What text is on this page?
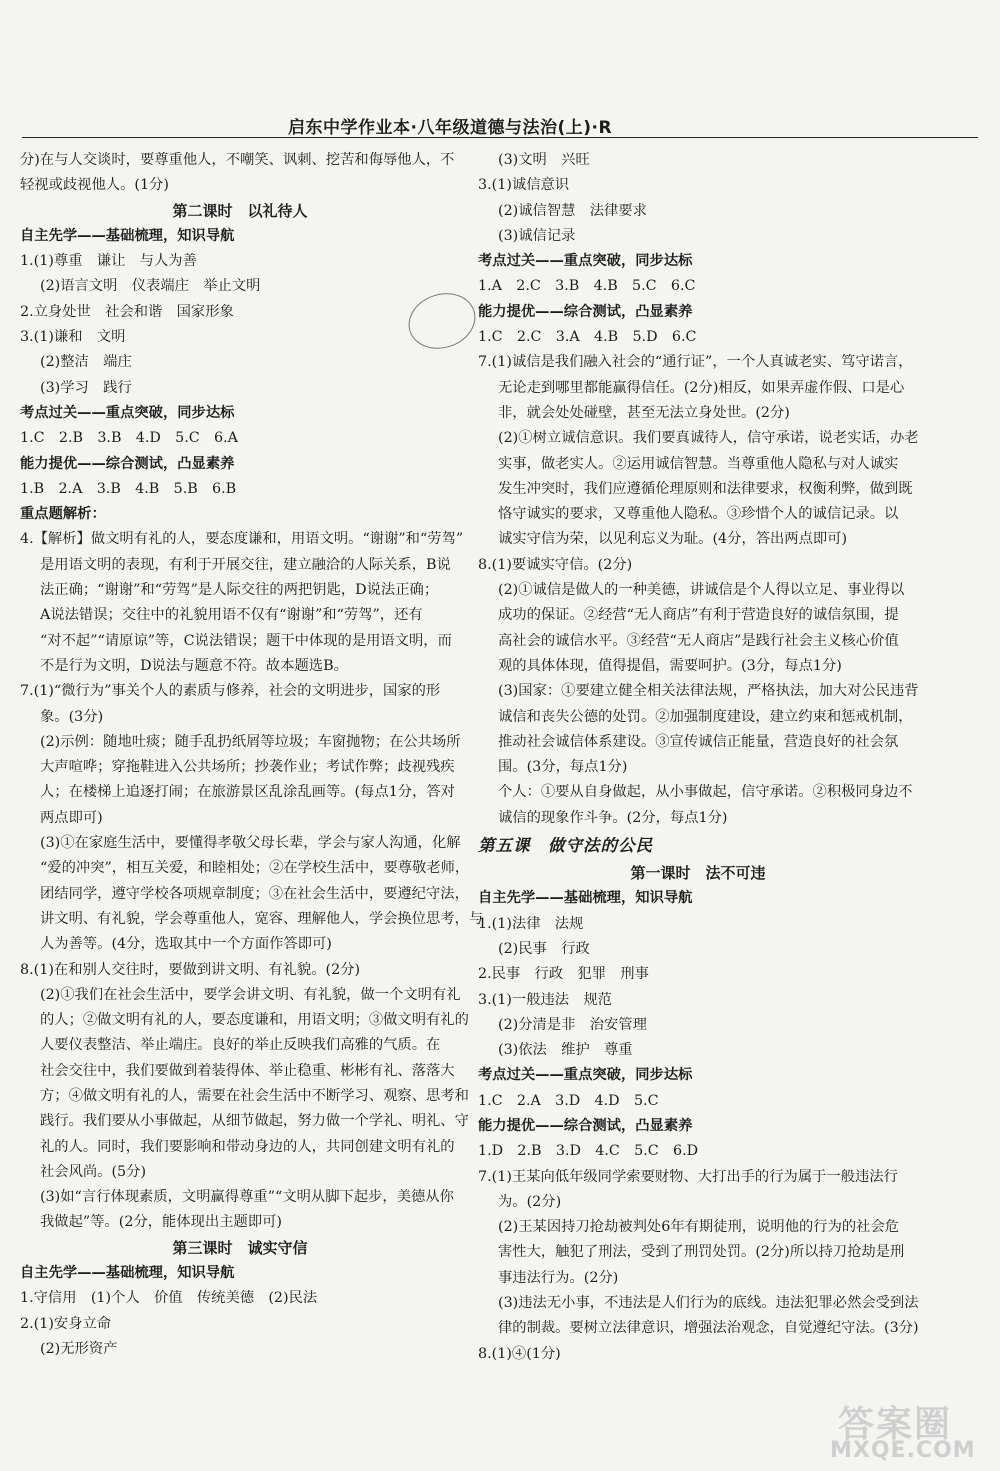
启东中学作业本·八年级道德与法治(上)·R
分)在与人交谈时，要尊重他人，不嘲笑、讽刺、挖苦和侮辱他人，不
轻视或歧视他人。(1分)
第二课时　以礼待人
自主先学——基础梳理，知识导航
1.(1)尊重　谦让　与人为善
(2)语言文明　仪表端庄　举止文明
2.立身处世　社会和谐　国家形象
3.(1)谦和　文明
(2)整洁　端庄
(3)学习　践行
考点过关——重点突破，同步达标
1.C　2.B　3.B　4.D　5.C　6.A
能力提优——综合测试，凸显素养
1.B　2.A　3.B　4.B　5.B　6.B
重点题解析：
4.【解析】做文明有礼的人，要态度谦和，用语文明。“谢谢”和“劳驾”
是用语文明的表现，有利于开展交往，建立融洽的人际关系，B说
法正确；“谢谢”和“劳驾”是人际交往的两把钥匙，D说法正确；
A说法错误；交往中的礼貌用语不仅有“谢谢”和“劳驾”，还有
“对不起”“请原谅”等，C说法错误；题干中体现的是用语文明，而
不是行为文明，D说法与题意不符。故本题选B。
7.(1)“微行为”事关个人的素质与修养，社会的文明进步，国家的形
象。(3分)
(2)示例：随地吐痰；随手乱扔纸屑等垃圾；车窗抛物；在公共场所
大声喧哗；穿拖鞋进入公共场所；抄袭作业；考试作弊；歧视残疾
人；在楼梯上追逐打闹；在旅游景区乱涂乱画等。(每点1分，答对
两点即可)
(3)①在家庭生活中，要懂得孝敬父母长辈，学会与家人沟通，化解
“爱的冲突”，相互关爱，和睦相处；②在学校生活中，要尊敬老师，
团结同学，遵守学校各项规章制度；③在社会生活中，要遵纪守法，
讲文明、有礼貌，学会尊重他人，宽容、理解他人，学会换位思考，与
人为善等。(4分，选取其中一个方面作答即可)
8.(1)在和别人交往时，要做到讲文明、有礼貌。(2分)
(2)①我们在社会生活中，要学会讲文明、有礼貌，做一个文明有礼
的人；②做文明有礼的人，要态度谦和，用语文明；③做文明有礼的
人要仪表整洁、举止端庄。良好的举止反映我们高雅的气质。在
社会交往中，我们要做到着装得体、举止稳重、彬彬有礼、落落大
方；④做文明有礼的人，需要在社会生活中不断学习、观察、思考和
践行。我们要从小事做起，从细节做起，努力做一个学礼、明礼、守
礼的人。同时，我们要影响和带动身边的人，共同创建文明有礼的
社会风尚。(5分)
(3)如“言行体现素质，文明赢得尊重”“文明从脚下起步，美德从你
我做起”等。(2分，能体现出主题即可)
第三课时　诚实守信
自主先学——基础梳理，知识导航
1.守信用　(1)个人　价值　传统美德　(2)民法
2.(1)安身立命
(2)无形资产
(3)文明　兴旺
3.(1)诚信意识
(2)诚信智慧　法律要求
(3)诚信记录
考点过关——重点突破，同步达标
1.A　2.C　3.B　4.B　5.C　6.C
能力提优——综合测试，凸显素养
1.C　2.C　3.A　4.B　5.D　6.C
7.(1)诚信是我们融入社会的“通行证”，一个人真诚老实、笃守诺言，
无论走到哪里都能赢得信任。(2分)相反，如果弄虚作假、口是心
非，就会处处碰壁，甚至无法立身处世。(2分)
(2)①树立诚信意识。我们要真诚待人，信守承诺，说老实话，办老
实事，做老实人。②运用诚信智慧。当尊重他人隐私与对人诚实
发生冲突时，我们应遵循伦理原则和法律要求，权衡利弊，做到既
恪守诚实的要求，又尊重他人隐私。③珍惜个人的诚信记录。以
诚实守信为荣，以见利忘义为耻。(4分，答出两点即可)
8.(1)要诚实守信。(2分)
(2)①诚信是做人的一种美德，讲诚信是个人得以立足、事业得以
成功的保证。②经营“无人商店”有利于营造良好的诚信氛围，提
高社会的诚信水平。③经营“无人商店”是践行社会主义核心价值
观的具体体现，值得提倡，需要呵护。(3分，每点1分)
(3)国家：①要建立健全相关法律法规，严格执法，加大对公民违背
诚信和丧失公德的处罚。②加强制度建设，建立约束和惩戒机制，
推动社会诚信体系建设。③宣传诚信正能量，营造良好的社会氛
围。(3分，每点1分)
个人：①要从自身做起，从小事做起，信守承诺。②积极同身边不
诚信的现象作斗争。(2分，每点1分)
第五课　做守法的公民
第一课时　法不可违
自主先学——基础梳理，知识导航
1.(1)法律　法规
(2)民事　行政
2.民事　行政　犯罪　刑事
3.(1)一般违法　规范
(2)分清是非　治安管理
(3)依法　维护　尊重
考点过关——重点突破，同步达标
1.C　2.A　3.D　4.D　5.C
能力提优——综合测试，凸显素养
1.D　2.B　3.D　4.C　5.C　6.D
7.(1)王某向低年级同学索要财物、大打出手的行为属于一般违法行
为。(2分)
(2)王某因持刀抢劫被判处6年有期徒刑，说明他的行为的社会危
害性大，触犯了刑法，受到了刑罚处罚。(2分)所以持刀抢劫是刑
事违法行为。(2分)
(3)违法无小事，不违法是人们行为的底线。违法犯罪必然会受到法
律的制裁。要树立法律意识，增强法治观念，自觉遵纪守法。(3分)
8.(1)④(1分)
答案圈
MXQE.COM
